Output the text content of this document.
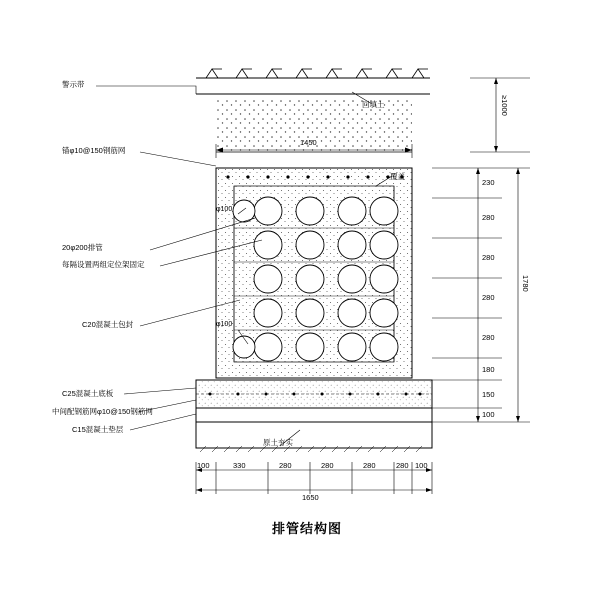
警示带
锚φ10@150钢筋网
20φ200排管
每隔设置两组定位架固定
C20混凝土包封
C25混凝土底板
中间配钢筋网φ10@150钢筋网
C15混凝土垫层
回填土
覆盖
φ100
φ100
原土夯实
1450
100	330	280	280	280	280 100
1650
230
280
280
280
280
180
150
100
1780
≥1000
排管结构图
